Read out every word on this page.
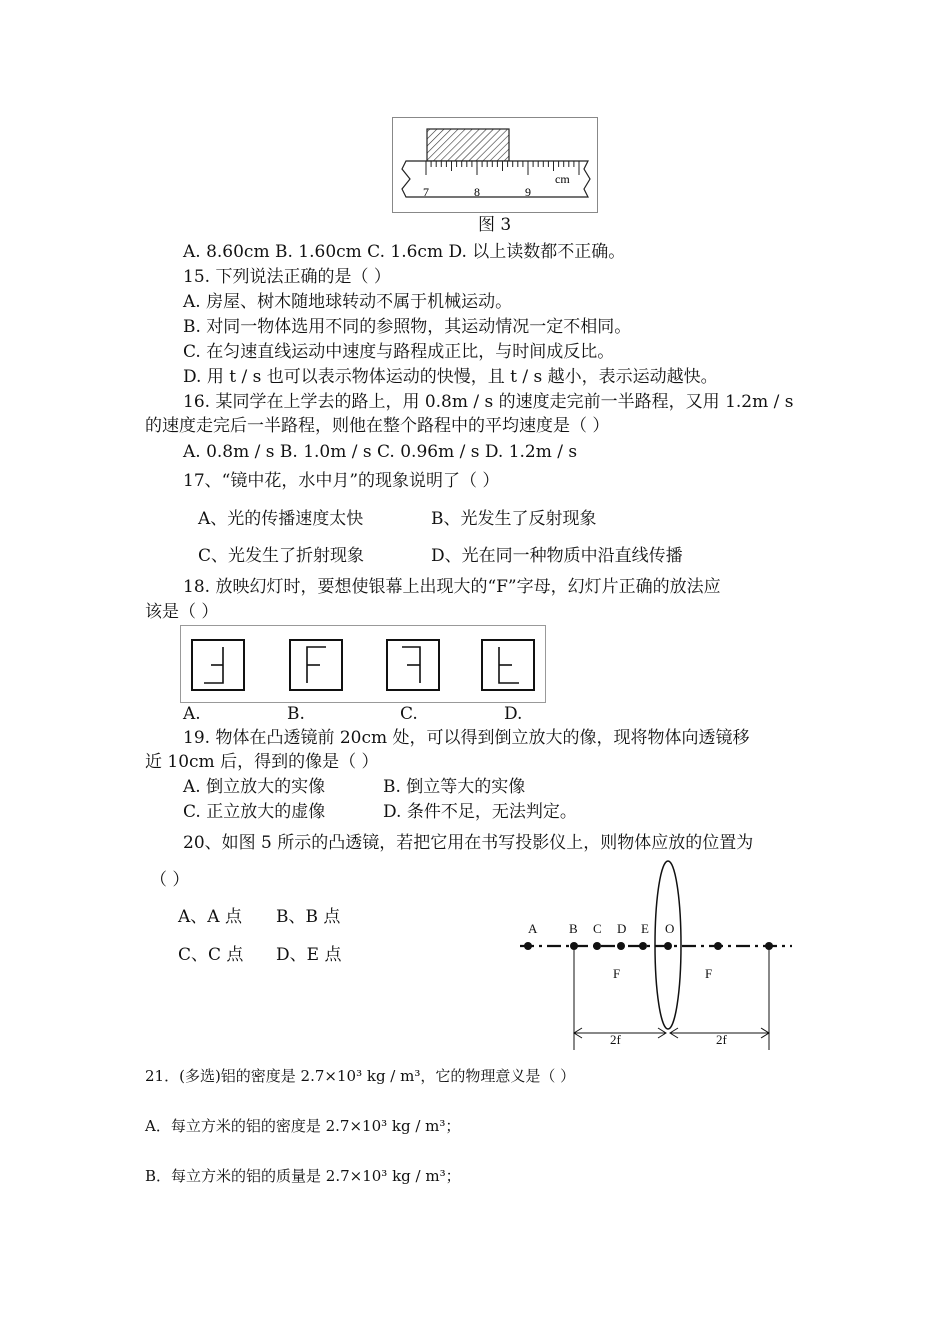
7	8	9
cm
图 3
A. 8.60cm B. 1.60cm C. 1.6cm D. 以上读数都不正确。
15. 下列说法正确的是（ ）
A. 房屋、树木随地球转动不属于机械运动。
B. 对同一物体选用不同的参照物，其运动情况一定不相同。
C. 在匀速直线运动中速度与路程成正比，与时间成反比。
D. 用 t / s 也可以表示物体运动的快慢，且 t / s 越小，表示运动越快。
16. 某同学在上学去的路上，用 0.8m / s 的速度走完前一半路程，又用 1.2m / s
的速度走完后一半路程，则他在整个路程中的平均速度是（ ）
A. 0.8m / s B. 1.0m / s C. 0.96m / s D. 1.2m / s
17、“镜中花，水中月”的现象说明了（ ）
A、光的传播速度太快	B、光发生了反射现象
C、光发生了折射现象	D、光在同一种物质中沿直线传播
18. 放映幻灯时，要想使银幕上出现大的“F”字母，幻灯片正确的放法应
该是（ ）
A.	B.	C.	D.
19. 物体在凸透镜前 20cm 处，可以得到倒立放大的像，现将物体向透镜移
近 10cm 后，得到的像是（ ）
A. 倒立放大的实像	B. 倒立等大的实像
C. 正立放大的虚像	D. 条件不足，无法判定。
20、如图 5 所示的凸透镜，若把它用在书写投影仪上，则物体应放的位置为
（ ）
A、A 点 B、B 点
C、C 点 D、E 点
A B C D E O
F	F
2f	2f
21．(多选)铝的密度是 2.7×10³ kg / m³，它的物理意义是（ ）
A．每立方米的铝的密度是 2.7×10³ kg / m³；
B．每立方米的铝的质量是 2.7×10³ kg / m³；
